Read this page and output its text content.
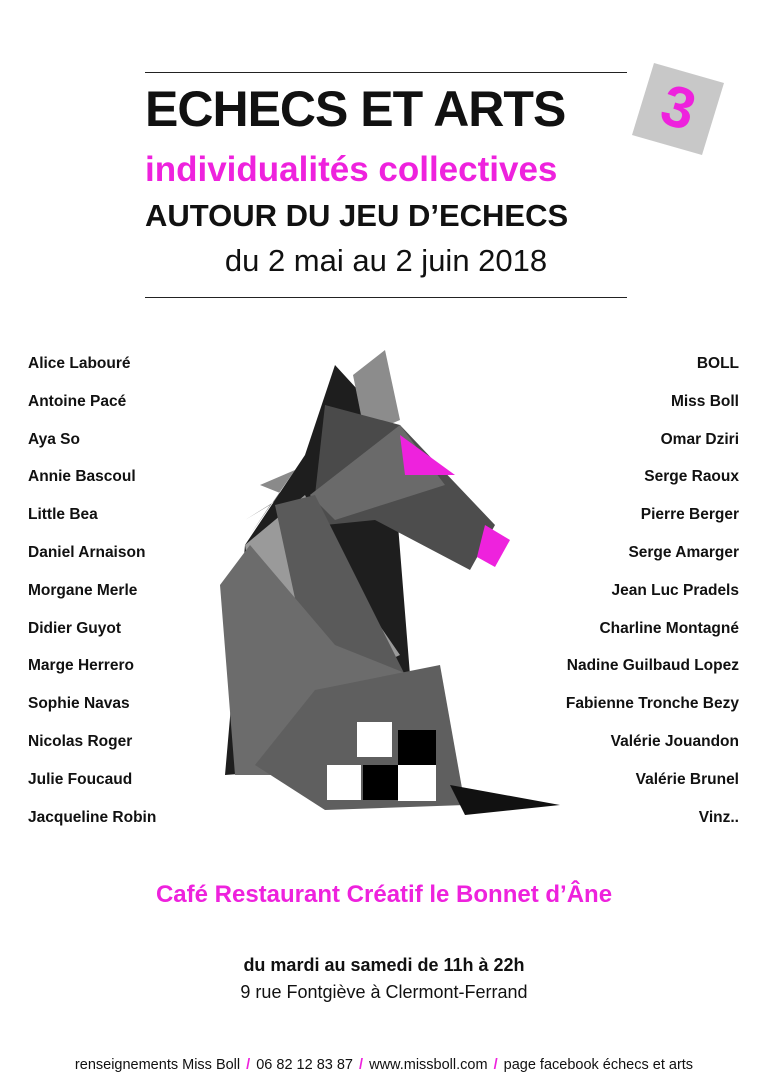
ECHECS ET ARTS	3
individualités collectives
AUTOUR DU JEU D’ECHECS
du 2 mai au 2 juin 2018
Alice Labouré
Antoine Pacé
Aya So
Annie Bascoul
Little Bea
Daniel Arnaison
Morgane Merle
Didier Guyot
Marge Herrero
Sophie Navas
Nicolas Roger
Julie Foucaud
Jacqueline Robin
BOLL
Miss Boll
Omar Dziri
Serge Raoux
Pierre Berger
Serge Amarger
Jean Luc Pradels
Charline Montagné
Nadine Guilbaud Lopez
Fabienne Tronche Bezy
Valérie Jouandon
Valérie Brunel
Vinz..
Café Restaurant Créatif le Bonnet d’Âne
du mardi au samedi de 11h à 22h
9 rue Fontgiève à Clermont-Ferrand
renseignements Miss Boll / 06 82 12 83 87 / www.missboll.com / page facebook échecs et arts
